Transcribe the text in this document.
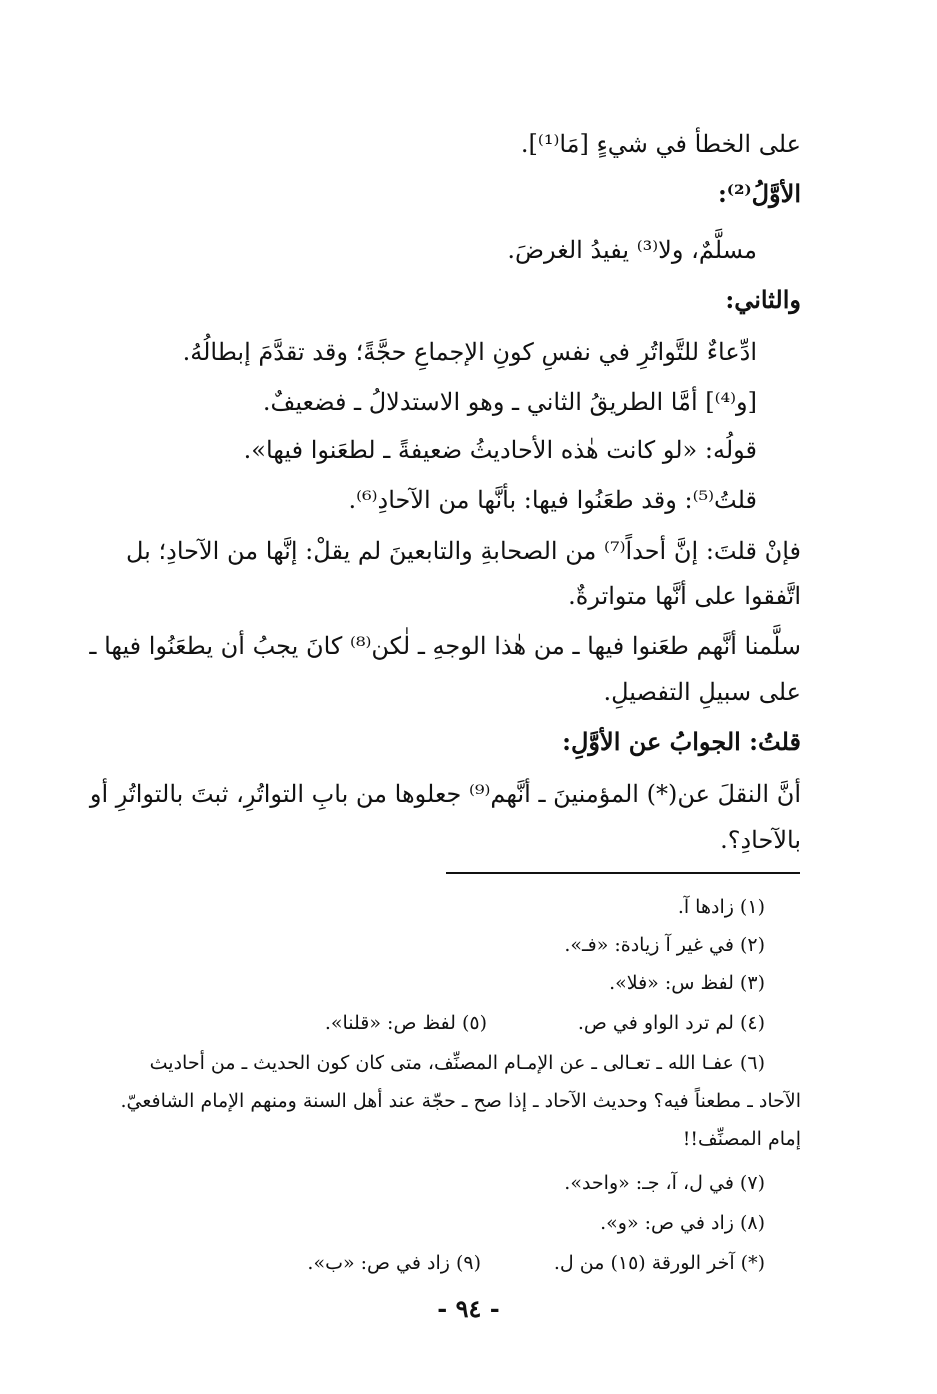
على الخطأ في شيءٍ [مَا⁽¹⁾].
الأوَّلُ⁽²⁾:
مسلَّمٌ، ولا⁽³⁾ يفيدُ الغرضَ.
والثاني:
ادِّعاءٌ للتَّواتُرِ في نفسِ كونِ الإجماعِ حجَّةً؛ وقد تقدَّمَ إبطالُهُ.
[و⁽⁴⁾] أمَّا الطريقُ الثاني ـ وهو الاستدلالُ ـ فضعيفٌ.
قولُه: «لو كانت هٰذه الأحاديثُ ضعيفةً ـ لطعَنوا فيها».
قلتُ⁽⁵⁾: وقد طعَنُوا فيها: بأنَّها من الآحادِ⁽⁶⁾.
فإنْ قلتَ: إنَّ أحداً⁽⁷⁾ من الصحابةِ والتابعينَ لم يقلْ: إنَّها من الآحادِ؛ بل
اتَّفقوا على أنَّها متواترةٌ.
سلَّمنا أنَّهم طعَنوا فيها ـ من هٰذا الوجهِ ـ لٰكن⁽⁸⁾ كانَ يجبُ أن يطعَنُوا فيها ـ
على سبيلِ التفصيلِ.
قلتُ: الجوابُ عن الأوَّلِ:
أنَّ النقلَ عن(*) المؤمنينَ ـ أنَّهم⁽⁹⁾ جعلوها من بابِ التواتُرِ، ثبتَ بالتواتُرِ أو
بالآحادِ؟.
(١) زادها آ.
(٢) في غير آ زيادة: «فـ».
(٣) لفظ س: «فلا».
(٤) لم ترد الواو في ص.
(٥) لفظ ص: «قلنا».
(٦) عفـا الله ـ تعـالى ـ عن الإمـام المصنِّف، متى كان كون الحديث ـ من أحاديث
الآحاد ـ مطعناً فيه؟ وحديث الآحاد ـ إذا صح ـ حجّة عند أهل السنة ومنهم الإمام الشافعيّ.
إمام المصنِّف!!
(٧) في ل، آ، جـ: «واحد».
(٨) زاد في ص: «و».
(*) آخر الورقة (١٥) من ل.
(٩) زاد في ص: «ب».
- ٩٤ -
